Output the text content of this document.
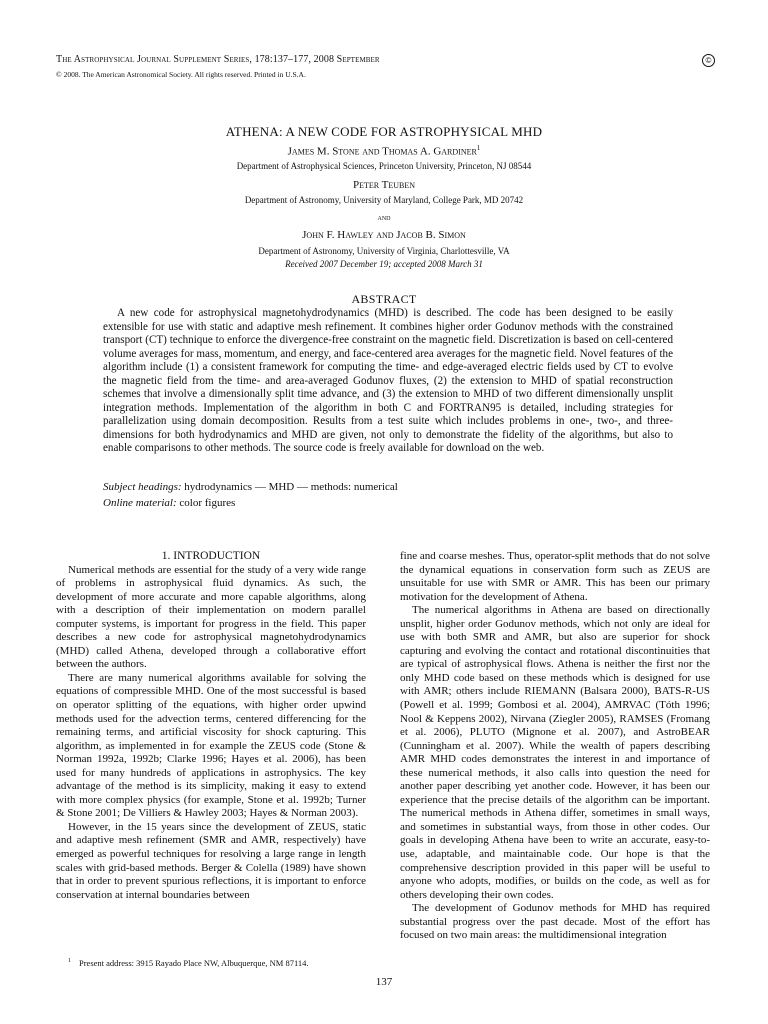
The Astrophysical Journal Supplement Series, 178:137–177, 2008 September
© 2008. The American Astronomical Society. All rights reserved. Printed in U.S.A.
©
ATHENA: A NEW CODE FOR ASTROPHYSICAL MHD
James M. Stone and Thomas A. Gardiner$^1$
Department of Astrophysical Sciences, Princeton University, Princeton, NJ 08544
Peter Teuben
Department of Astronomy, University of Maryland, College Park, MD 20742
and
John F. Hawley and Jacob B. Simon
Department of Astronomy, University of Virginia, Charlottesville, VA
Received 2007 December 19; accepted 2008 March 31
ABSTRACT
A new code for astrophysical magnetohydrodynamics (MHD) is described. The code has been designed to be easily extensible for use with static and adaptive mesh refinement. It combines higher order Godunov methods with the constrained transport (CT) technique to enforce the divergence-free constraint on the magnetic field. Discretization is based on cell-centered volume averages for mass, momentum, and energy, and face-centered area averages for the magnetic field. Novel features of the algorithm include (1) a consistent framework for computing the time- and edge-averaged electric fields used by CT to evolve the magnetic field from the time- and area-averaged Godunov fluxes, (2) the extension to MHD of spatial reconstruction schemes that involve a dimensionally split time advance, and (3) the extension to MHD of two different dimensionally unsplit integration methods. Implementation of the algorithm in both C and FORTRAN95 is detailed, including strategies for parallelization using domain decomposition. Results from a test suite which includes problems in one-, two-, and three-dimensions for both hydrodynamics and MHD are given, not only to demonstrate the fidelity of the algorithms, but also to enable comparisons to other methods. The source code is freely available for download on the web.
Subject headings: hydrodynamics — MHD — methods: numerical
Online material: color figures

1. INTRODUCTION

Numerical methods are essential for the study of a very wide range of problems in astrophysical fluid dynamics. As such, the development of more accurate and more capable algorithms, along with a description of their implementation on modern parallel computer systems, is important for progress in the field. This paper describes a new code for astrophysical magnetohydrodynamics (MHD) called Athena, developed through a collaborative effort between the authors.

There are many numerical algorithms available for solving the equations of compressible MHD. One of the most successful is based on operator splitting of the equations, with higher order upwind methods used for the advection terms, centered differencing for the remaining terms, and artificial viscosity for shock capturing. This algorithm, as implemented in for example the ZEUS code (Stone & Norman 1992a, 1992b; Clarke 1996; Hayes et al. 2006), has been used for many hundreds of applications in astrophysics. The key advantage of the method is its simplicity, making it easy to extend with more complex physics (for example, Stone et al. 1992b; Turner & Stone 2001; De Villiers & Hawley 2003; Hayes & Norman 2003).

However, in the 15 years since the development of ZEUS, static and adaptive mesh refinement (SMR and AMR, respectively) have emerged as powerful techniques for resolving a large range in length scales with grid-based methods. Berger & Colella (1989) have shown that in order to prevent spurious reflections, it is important to enforce conservation at internal boundaries between

fine and coarse meshes. Thus, operator-split methods that do not solve the dynamical equations in conservation form such as ZEUS are unsuitable for use with SMR or AMR. This has been our primary motivation for the development of Athena.

The numerical algorithms in Athena are based on directionally unsplit, higher order Godunov methods, which not only are ideal for use with both SMR and AMR, but also are superior for shock capturing and evolving the contact and rotational discontinuities that are typical of astrophysical flows. Athena is neither the first nor the only MHD code based on these methods which is designed for use with AMR; others include RIEMANN (Balsara 2000), BATS-R-US (Powell et al. 1999; Gombosi et al. 2004), AMRVAC (Tóth 1996; Nool & Keppens 2002), Nirvana (Ziegler 2005), RAMSES (Fromang et al. 2006), PLUTO (Mignone et al. 2007), and AstroBEAR (Cunningham et al. 2007). While the wealth of papers describing AMR MHD codes demonstrates the interest in and importance of these numerical methods, it also calls into question the need for another paper describing yet another code. However, it has been our experience that the precise details of the algorithm can be important. The numerical methods in Athena differ, sometimes in small ways, and sometimes in substantial ways, from those in other codes. Our goals in developing Athena have been to write an accurate, easy-to-use, adaptable, and maintainable code. Our hope is that the comprehensive description provided in this paper will be useful to anyone who adopts, modifies, or builds on the code, as well as for others developing their own codes.

The development of Godunov methods for MHD has required substantial progress over the past decade. Most of the effort has focused on two main areas: the multidimensional integration

$^1$ Present address: 3915 Rayado Place NW, Albuquerque, NM 87114.
137
